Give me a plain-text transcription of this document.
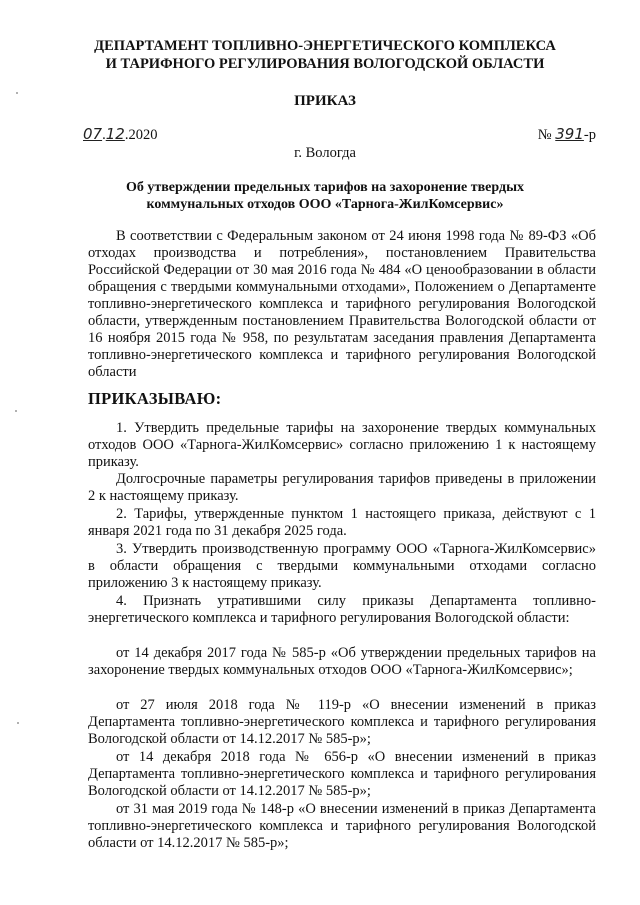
ДЕПАРТАМЕНТ ТОПЛИВНО-ЭНЕРГЕТИЧЕСКОГО КОМПЛЕКСА
И ТАРИФНОГО РЕГУЛИРОВАНИЯ ВОЛОГОДСКОЙ ОБЛАСТИ
ПРИКАЗ
07.12.2020	№ 391-р
г. Вологда
Об утверждении предельных тарифов на захоронение твердых
коммунальных отходов ООО «Тарнога-ЖилКомсервис»
В соответствии с Федеральным законом от 24 июня 1998 года № 89-ФЗ «Об отходах производства и потребления», постановлением Правительства Российской Федерации от 30 мая 2016 года № 484 «О ценообразовании в области обращения с твердыми коммунальными отходами», Положением о Департаменте топливно-энергетического комплекса и тарифного регулирования Вологодской области, утвержденным постановлением Правительства Вологодской области от 16 ноября 2015 года № 958, по результатам заседания правления Департамента топливно-энергетического комплекса и тарифного регулирования Вологодской области
ПРИКАЗЫВАЮ:
1. Утвердить предельные тарифы на захоронение твердых коммунальных отходов ООО «Тарнога-ЖилКомсервис» согласно приложению 1 к настоящему приказу.
Долгосрочные параметры регулирования тарифов приведены в приложении 2 к настоящему приказу.
2. Тарифы, утвержденные пунктом 1 настоящего приказа, действуют с 1 января 2021 года по 31 декабря 2025 года.
3. Утвердить производственную программу ООО «Тарнога-ЖилКомсервис» в области обращения с твердыми коммунальными отходами согласно приложению 3 к настоящему приказу.
4. Признать утратившими силу приказы Департамента топливно-энергетического комплекса и тарифного регулирования Вологодской области:
от 14 декабря 2017 года № 585-р «Об утверждении предельных тарифов на захоронение твердых коммунальных отходов ООО «Тарнога-ЖилКомсервис»;
от 27 июля 2018 года № 119-р «О внесении изменений в приказ Департамента топливно-энергетического комплекса и тарифного регулирования Вологодской области от 14.12.2017 № 585-р»;
от 14 декабря 2018 года № 656-р «О внесении изменений в приказ Департамента топливно-энергетического комплекса и тарифного регулирования Вологодской области от 14.12.2017 № 585-р»;
от 31 мая 2019 года № 148-р «О внесении изменений в приказ Департамента топливно-энергетического комплекса и тарифного регулирования Вологодской области от 14.12.2017 № 585-р»;
